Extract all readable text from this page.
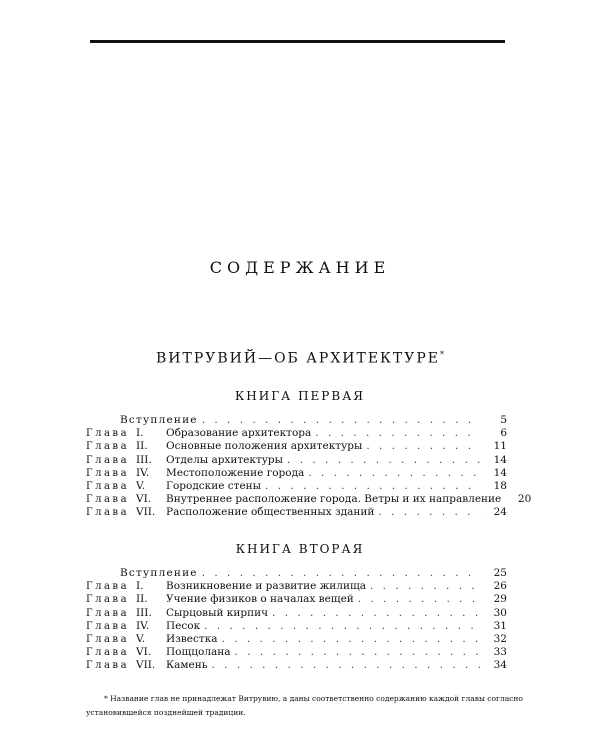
СОДЕРЖАНИЕ
ВИТРУВИЙ—ОБ АРХИТЕКТУРЕ*
КНИГА ПЕРВАЯ
Вступление . . .	5
Глава I.	Образование архитектора . . .	6
Глава II.	Основные положения архитектуры . . .	11
Глава III.	Отделы архитектуры . . .	14
Глава IV.	Местоположение города . . .	14
Глава V.	Городские стены . . .	18
Глава VI.	Внутреннее расположение города. Ветры и их направление	20
Глава VII.	Расположение общественных зданий . . .	24
КНИГА ВТОРАЯ
Вступление . . .	25
Глава I.	Возникновение и развитие жилища . . .	26
Глава II.	Учение физиков о началах вещей . . .	29
Глава III.	Сырцовый кирпич . . .	30
Глава IV.	Песок . . .	31
Глава V.	Известка . . .	32
Глава VI.	Пощцолана . . .	33
Глава VII.	Камень . . .	34
* Название глав не принадлежат Витрувию, а даны соответственно содержанию каждой главы согласно установившейся позднейшей традиции.
